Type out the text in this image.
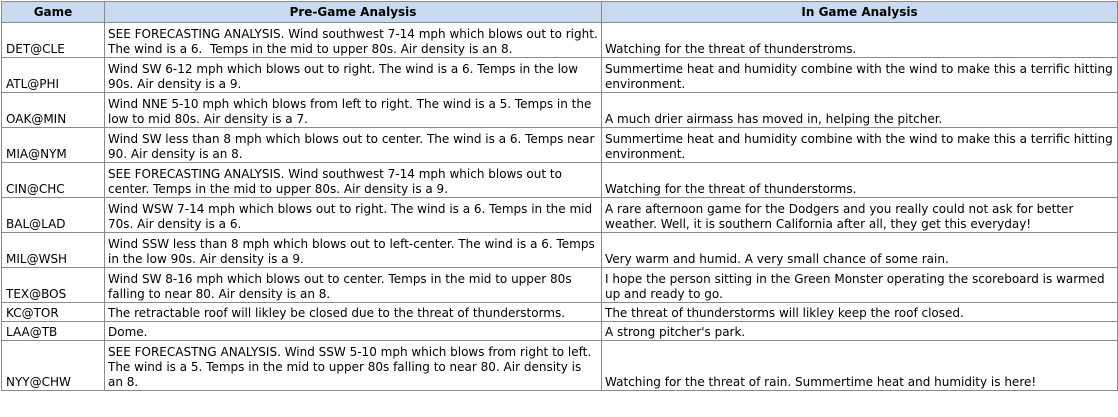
Game	Pre-Game Analysis	In Game Analysis
DET@CLE	SEE FORECASTING ANALYSIS. Wind southwest 7-14 mph which blows out to right. The wind is a 6.  Temps in the mid to upper 80s. Air density is an 8.	Watching for the threat of thunderstroms.
ATL@PHI	Wind SW 6-12 mph which blows out to right. The wind is a 6. Temps in the low 90s. Air density is a 9.	Summertime heat and humidity combine with the wind to make this a terrific hitting environment.
OAK@MIN	Wind NNE 5-10 mph which blows from left to right. The wind is a 5. Temps in the low to mid 80s. Air density is a 7.	A much drier airmass has moved in, helping the pitcher.
MIA@NYM	Wind SW less than 8 mph which blows out to center. The wind is a 6. Temps near 90. Air density is an 8.	Summertime heat and humidity combine with the wind to make this a terrific hitting environment.
CIN@CHC	SEE FORECASTING ANALYSIS. Wind southwest 7-14 mph which blows out to center. Temps in the mid to upper 80s. Air density is a 9.	Watching for the threat of thunderstorms.
BAL@LAD	Wind WSW 7-14 mph which blows out to right. The wind is a 6. Temps in the mid 70s. Air density is a 6.	A rare afternoon game for the Dodgers and you really could not ask for better weather. Well, it is southern California after all, they get this everyday!
MIL@WSH	Wind SSW less than 8 mph which blows out to left-center. The wind is a 6. Temps in the low 90s. Air density is a 9.	Very warm and humid. A very small chance of some rain.
TEX@BOS	Wind SW 8-16 mph which blows out to center. Temps in the mid to upper 80s falling to near 80. Air density is an 8.	I hope the person sitting in the Green Monster operating the scoreboard is warmed up and ready to go.
KC@TOR	The retractable roof will likley be closed due to the threat of thunderstorms.	The threat of thunderstorms will likley keep the roof closed.
LAA@TB	Dome.	A strong pitcher's park.
NYY@CHW	SEE FORECASTNG ANALYSIS. Wind SSW 5-10 mph which blows from right to left. The wind is a 5. Temps in the mid to upper 80s falling to near 80. Air density is an 8.	Watching for the threat of rain. Summertime heat and humidity is here!
